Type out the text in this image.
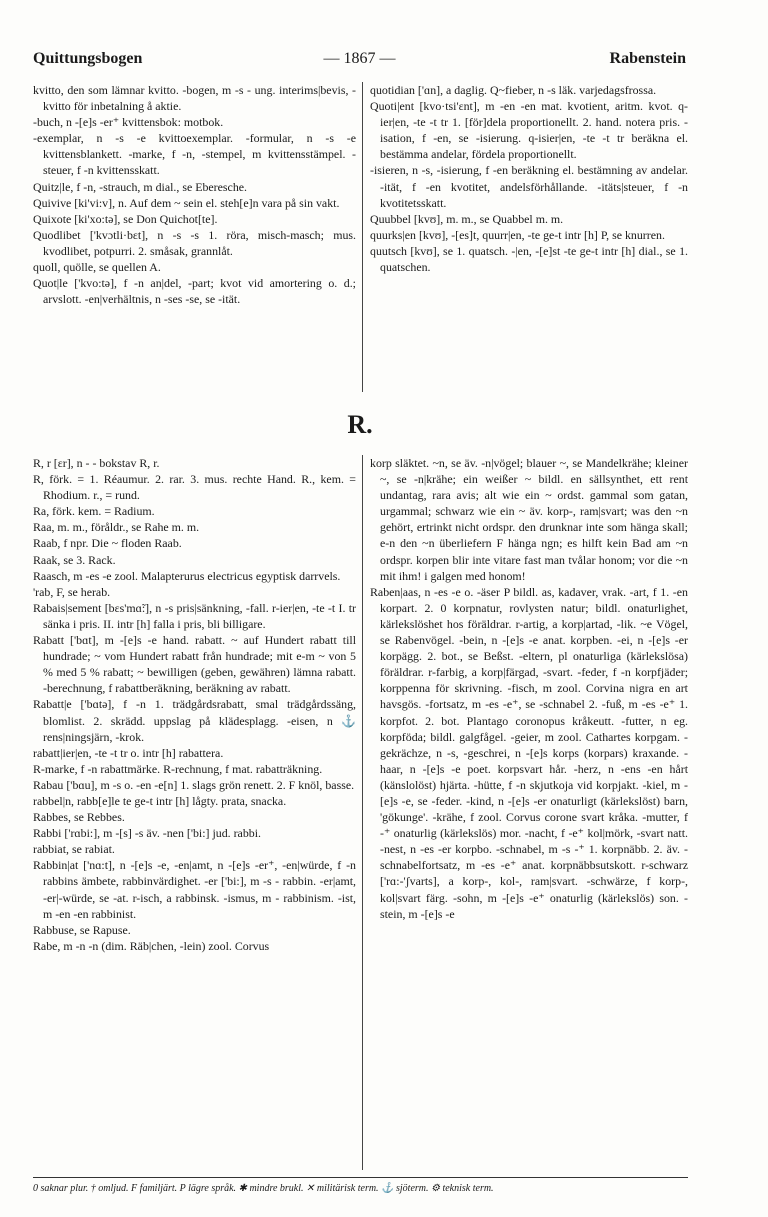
Quittungsbogen	— 1867 —	Rabenstein

kvitto, den som lämnar kvitto. -bogen, m -s - ung. interims|bevis, -kvitto för inbetalning å aktie.

-buch, n -[e]s -er⁺ kvittensbok: motbok.

-exemplar, n -s -e kvittoexemplar. -formular, n -s -e kvittensblankett. -marke, f -n, -stempel, m kvittensstämpel. -steuer, f -n kvittensskatt.

Quitz|le, f -n, -strauch, m dial., se Eberesche.

Quivive [ki'vi:v], n. Auf dem ~ sein el. steh[e]n vara på sin vakt.

Quixote [ki'xo:tə], se Don Quichot[te].

Quodlibet ['kvɔtli·bɛt], n -s -s 1. röra, misch-masch; mus. kvodlibet, potpurri. 2. småsak, grannlåt.

quoll, quölle, se quellen A.

Quot|le ['kvo:tə], f -n an|del, -part; kvot vid amortering o. d.; arvslott. -en|verhältnis, n -ses -se, se -ität.

quotidian ['ɑn], a daglig. Q~fieber, n -s läk. varjedagsfrossa.

Quoti|ent [kvo·tsi'ɛnt], m -en -en mat. kvotient, aritm. kvot. q-ier|en, -te -t tr 1. [för]dela proportionellt. 2. hand. notera pris. -isation, f -en, se -isierung. q-isier|en, -te -t tr beräkna el. bestämma andelar, fördela proportionellt.

-isieren, n -s, -isierung, f -en beräkning el. bestämning av andelar. -ität, f -en kvotitet, andelsförhållande. -itäts|steuer, f -n kvotitetsskatt.

Quubbel [kvʊ], m. m., se Quabbel m. m.

quurks|en [kvʊ], -[es]t, quurr|en, -te ge-t intr [h] P, se knurren.

quutsch [kvʊ], se 1. quatsch. -|en, -[e]st -te ge-t intr [h] dial., se 1. quatschen.

R.

R, r [ɛr], n - - bokstav R, r.

R, förk. = 1. Réaumur. 2. rar. 3. mus. rechte Hand. R., kem. = Rhodium. r., = rund.

Ra, förk. kem. = Radium.

Raa, m. m., föråldr., se Rahe m. m.

Raab, f npr. Die ~ floden Raab.

Raak, se 3. Rack.

Raasch, m -es -e zool. Malapterurus electricus egyptisk darrvels.

'rab, F, se herab.

Rabais|sement [bɛs'mɑ̃:], n -s pris|sänkning, -fall. r-ier|en, -te -t I. tr sänka i pris. II. intr [h] falla i pris, bli billigare.

Rabatt ['bɑt], m -[e]s -e hand. rabatt. ~ auf Hundert rabatt till hundrade; ~ vom Hundert rabatt från hundrade; mit e-m ~ von 5 % med 5 % rabatt; ~ bewilligen (geben, gewähren) lämna rabatt. -berechnung, f rabattberäkning, beräkning av rabatt.

Rabatt|e ['bɑtə], f -n 1. trädgårdsrabatt, smal trädgårdssäng, blomlist. 2. skrädd. uppslag på klädesplagg. -eisen, n ⚓ rens|ningsjärn, -krok.

rabatt|ier|en, -te -t tr o. intr [h] rabattera.

R-marke, f -n rabattmärke. R-rechnung, f mat. rabatträkning.

Rabau ['bɑu], m -s o. -en -e[n] 1. slags grön renett. 2. F knöl, basse.

rabbel|n, rabb[e]le te ge-t intr [h] lågty. prata, snacka.

Rabbes, se Rebbes.

Rabbi ['rɑbi:], m -[s] -s äv. -nen ['bi:] jud. rabbi.

rabbiat, se rabiat.

Rabbin|at ['nɑ:t], n -[e]s -e, -en|amt, n -[e]s -er⁺, -en|würde, f -n rabbins ämbete, rabbinvärdighet. -er ['bi:], m -s - rabbin. -er|amt, -er|-würde, se -at. r-isch, a rabbinsk. -ismus, m - rabbinism. -ist, m -en -en rabbinist.

Rabbuse, se Rapuse.

Rabe, m -n -n (dim. Räb|chen, -lein) zool. Corvus

korp släktet. ~n, se äv. -n|vögel; blauer ~, se Mandelkrähe; kleiner ~, se -n|krähe; ein weißer ~ bildl. en sällsynthet, ett rent undantag, rara avis; alt wie ein ~ ordst. gammal som gatan, urgammal; schwarz wie ein ~ äv. korp-, ram|svart; was den ~n gehört, ertrinkt nicht ordspr. den drunknar inte som hänga skall; e-n den ~n überliefern F hänga ngn; es hilft kein Bad am ~n ordspr. korpen blir inte vitare fast man tvålar honom; vor die ~n mit ihm! i galgen med honom!

Raben|aas, n -es -e o. -äser P bildl. as, kadaver, vrak. -art, f 1. -en korpart. 2. 0 korpnatur, rovlysten natur; bildl. onaturlighet, kärlekslöshet hos föräldrar. r-artig, a korp|artad, -lik. ~e Vögel, se Rabenvögel. -bein, n -[e]s -e anat. korpben. -ei, n -[e]s -er korpägg. 2. bot., se Beßst. -eltern, pl onaturliga (kärlekslösa) föräldrar. r-farbig, a korp|färgad, -svart. -feder, f -n korpfjäder; korppenna för skrivning. -fisch, m zool. Corvina nigra en art havsgös. -fortsatz, m -es -e⁺, se -schnabel 2. -fuß, m -es -e⁺ 1. korpfot. 2. bot. Plantago coronopus kråkeutt. -futter, n eg. korpföda; bildl. galgfågel. -geier, m zool. Cathartes korpgam. -gekrächze, n -s, -geschrei, n -[e]s korps (korpars) kraxande. -haar, n -[e]s -e poet. korpsvart hår. -herz, n -ens -en hårt (känslolöst) hjärta. -hütte, f -n skjutkoja vid korpjakt. -kiel, m -[e]s -e, se -feder. -kind, n -[e]s -er onaturligt (kärlekslöst) barn, 'gökunge'. -krähe, f zool. Corvus corone svart kråka. -mutter, f -⁺ onaturlig (kärlekslös) mor. -nacht, f -e⁺ kol|mörk, -svart natt. -nest, n -es -er korpbo. -schnabel, m -s -⁺ 1. korpnäbb. 2. äv. -schnabelfortsatz, m -es -e⁺ anat. korpnäbbsutskott. r-schwarz ['rɑ:-'ʃvarts], a korp-, kol-, ram|svart. -schwärze, f korp-, kol|svart färg. -sohn, m -[e]s -e⁺ onaturlig (kärlekslös) son. -stein, m -[e]s -e

0 saknar plur. † omljud. F familjärt. P lägre språk. ✱ mindre brukl. ✕ militärisk term. ⚓ sjöterm. ⚙ teknisk term.
